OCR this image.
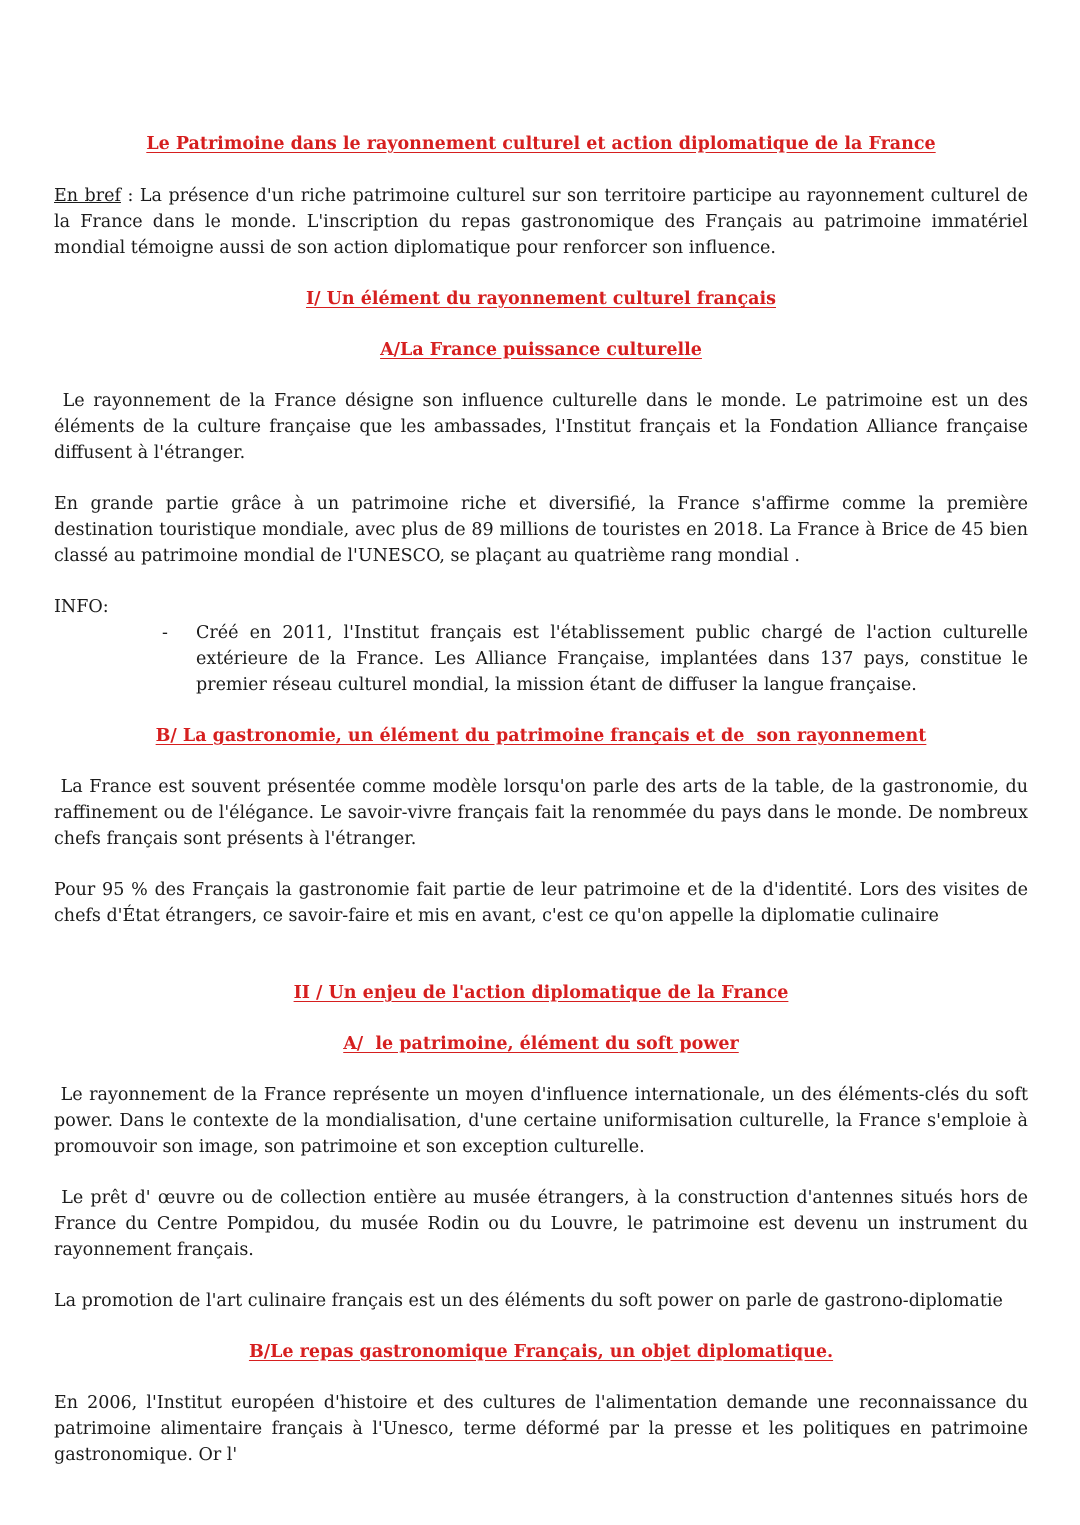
Le Patrimoine dans le rayonnement culturel et action diplomatique de la France

En bref : La présence d'un riche patrimoine culturel sur son territoire participe au rayonnement culturel de la France dans le monde. L'inscription du repas gastronomique des Français au patrimoine immatériel mondial témoigne aussi de son action diplomatique pour renforcer son influence.

I/ Un élément du rayonnement culturel français
A/La France puissance culturelle

Le rayonnement de la France désigne son influence culturelle dans le monde. Le patrimoine est un des éléments de la culture française que les ambassades, l'Institut français et la Fondation Alliance française diffusent à l'étranger.

En grande partie grâce à un patrimoine riche et diversifié, la France s'affirme comme la première destination touristique mondiale, avec plus de 89 millions de touristes en 2018. La France à Brice de 45 bien classé au patrimoine mondial de l'UNESCO, se plaçant au quatrième rang mondial .

INFO:
-	Créé en 2011, l'Institut français est l'établissement public chargé de l'action culturelle extérieure de la France. Les Alliance Française, implantées dans 137 pays, constitue le premier réseau culturel mondial, la mission étant de diffuser la langue française.

B/ La gastronomie, un élément du patrimoine français et de  son rayonnement

La France est souvent présentée comme modèle lorsqu'on parle des arts de la table, de la gastronomie, du raffinement ou de l'élégance. Le savoir-vivre français fait la renommée du pays dans le monde. De nombreux chefs français sont présents à l'étranger.

Pour 95 % des Français la gastronomie fait partie de leur patrimoine et de la d'identité. Lors des visites de chefs d'État étrangers, ce savoir-faire et mis en avant, c'est ce qu'on appelle la diplomatie culinaire

II / Un enjeu de l'action diplomatique de la France
A/  le patrimoine, élément du soft power

Le rayonnement de la France représente un moyen d'influence internationale, un des éléments-clés du soft power. Dans le contexte de la mondialisation, d'une certaine uniformisation culturelle, la France s'emploie à promouvoir son image, son patrimoine et son exception culturelle.

Le prêt d' œuvre ou de collection entière au musée étrangers, à la construction d'antennes situés hors de France du Centre Pompidou, du musée Rodin ou du Louvre, le patrimoine est devenu un instrument du rayonnement français.

La promotion de l'art culinaire français est un des éléments du soft power on parle de gastrono-diplomatie

B/Le repas gastronomique Français, un objet diplomatique.

En 2006, l'Institut européen d'histoire et des cultures de l'alimentation demande une reconnaissance du patrimoine alimentaire français à l'Unesco, terme déformé par la presse et les politiques en patrimoine gastronomique. Or l'
